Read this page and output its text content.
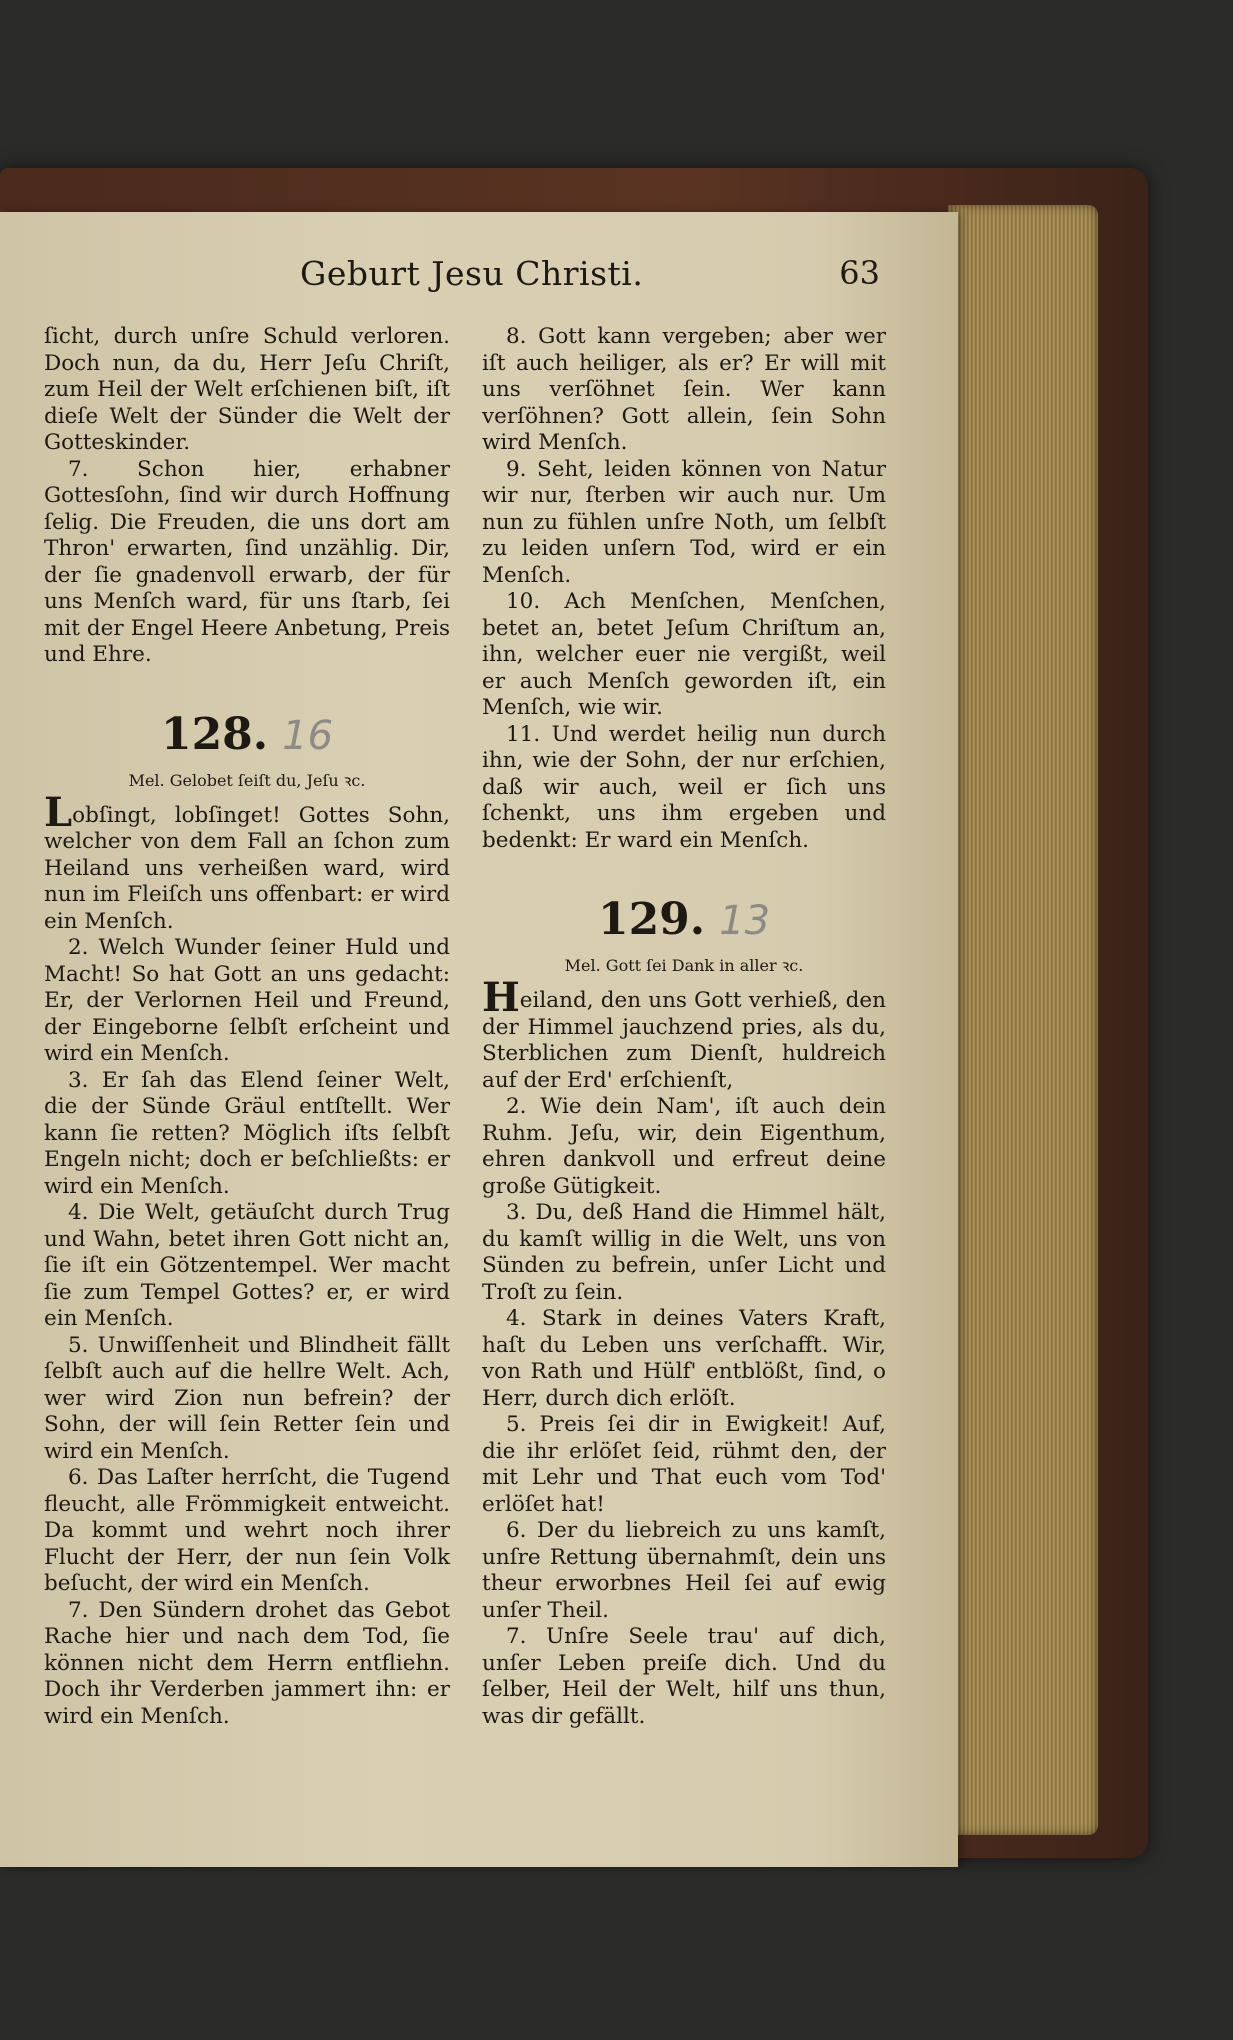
Geburt Jesu Christi.	63

ſicht, durch unſre Schuld verloren. Doch nun, da du, Herr Jeſu Chriſt, zum Heil der Welt erſchienen biſt, iſt dieſe Welt der Sünder die Welt der Gotteskinder.

7. Schon hier, erhabner Gottesſohn, ſind wir durch Hoffnung ſelig. Die Freuden, die uns dort am Thron' erwarten, ſind unzählig. Dir, der ſie gnadenvoll erwarb, der für uns Menſch ward, für uns ſtarb, ſei mit der Engel Heere Anbetung, Preis und Ehre.

128. 16

Mel. Gelobet ſeiſt du, Jeſu ꝛc.

Lobſingt, lobſinget! Gottes Sohn, welcher von dem Fall an ſchon zum Heiland uns verheißen ward, wird nun im Fleiſch uns offenbart: er wird ein Menſch.

2. Welch Wunder ſeiner Huld und Macht! So hat Gott an uns gedacht: Er, der Verlornen Heil und Freund, der Eingeborne ſelbſt erſcheint und wird ein Menſch.

3. Er ſah das Elend ſeiner Welt, die der Sünde Gräul entſtellt. Wer kann ſie retten? Möglich iſts ſelbſt Engeln nicht; doch er beſchließts: er wird ein Menſch.

4. Die Welt, getäuſcht durch Trug und Wahn, betet ihren Gott nicht an, ſie iſt ein Götzentempel. Wer macht ſie zum Tempel Gottes? er, er wird ein Menſch.

5. Unwiſſenheit und Blindheit fällt ſelbſt auch auf die hellre Welt. Ach, wer wird Zion nun befrein? der Sohn, der will ſein Retter ſein und wird ein Menſch.

6. Das Laſter herrſcht, die Tugend fleucht, alle Frömmigkeit entweicht. Da kommt und wehrt noch ihrer Flucht der Herr, der nun ſein Volk beſucht, der wird ein Menſch.

7. Den Sündern drohet das Gebot Rache hier und nach dem Tod, ſie können nicht dem Herrn entfliehn. Doch ihr Verderben jammert ihn: er wird ein Menſch.

8. Gott kann vergeben; aber wer iſt auch heiliger, als er? Er will mit uns verſöhnet ſein. Wer kann verſöhnen? Gott allein, ſein Sohn wird Menſch.

9. Seht, leiden können von Natur wir nur, ſterben wir auch nur. Um nun zu fühlen unſre Noth, um ſelbſt zu leiden unſern Tod, wird er ein Menſch.

10. Ach Menſchen, Menſchen, betet an, betet Jeſum Chriſtum an, ihn, welcher euer nie vergißt, weil er auch Menſch geworden iſt, ein Menſch, wie wir.

11. Und werdet heilig nun durch ihn, wie der Sohn, der nur erſchien, daß wir auch, weil er ſich uns ſchenkt, uns ihm ergeben und bedenkt: Er ward ein Menſch.

129. 13

Mel. Gott ſei Dank in aller ꝛc.

Heiland, den uns Gott verhieß, den der Himmel jauchzend pries, als du, Sterblichen zum Dienſt, huldreich auf der Erd' erſchienſt,

2. Wie dein Nam', iſt auch dein Ruhm. Jeſu, wir, dein Eigenthum, ehren dankvoll und erfreut deine große Gütigkeit.

3. Du, deß Hand die Himmel hält, du kamſt willig in die Welt, uns von Sünden zu befrein, unſer Licht und Troſt zu ſein.

4. Stark in deines Vaters Kraft, haſt du Leben uns verſchafft. Wir, von Rath und Hülf' entblößt, ſind, o Herr, durch dich erlöſt.

5. Preis ſei dir in Ewigkeit! Auf, die ihr erlöſet ſeid, rühmt den, der mit Lehr und That euch vom Tod' erlöſet hat!

6. Der du liebreich zu uns kamſt, unſre Rettung übernahmſt, dein uns theur erworbnes Heil ſei auf ewig unſer Theil.

7. Unſre Seele trau' auf dich, unſer Leben preiſe dich. Und du ſelber, Heil der Welt, hilf uns thun, was dir gefällt.
